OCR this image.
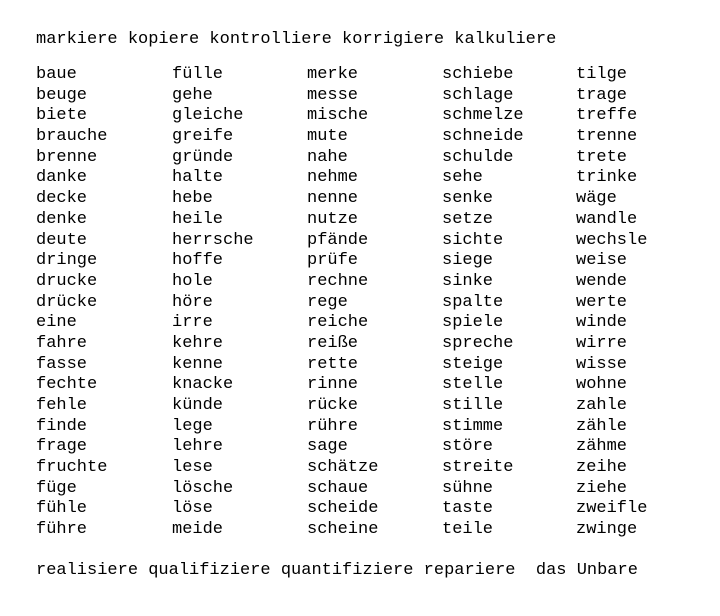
markiere kopiere kontrolliere korrigiere kalkuliere
baue
beuge
biete
brauche
brenne
danke
decke
denke
deute
dringe
drucke
drücke
eine
fahre
fasse
fechte
fehle
finde
frage
fruchte
füge
fühle
führe
fülle
gehe
gleiche
greife
gründe
halte
hebe
heile
herrsche
hoffe
hole
höre
irre
kehre
kenne
knacke
künde
lege
lehre
lese
lösche
löse
meide
merke
messe
mische
mute
nahe
nehme
nenne
nutze
pfände
prüfe
rechne
rege
reiche
reiße
rette
rinne
rücke
rühre
sage
schätze
schaue
scheide
scheine
schiebe
schlage
schmelze
schneide
schulde
sehe
senke
setze
sichte
siege
sinke
spalte
spiele
spreche
steige
stelle
stille
stimme
störe
streite
sühne
taste
teile
tilge
trage
treffe
trenne
trete
trinke
wäge
wandle
wechsle
weise
wende
werte
winde
wirre
wisse
wohne
zahle
zähle
zähme
zeihe
ziehe
zweifle
zwinge
realisiere qualifiziere quantifiziere repariere  das Unbare
